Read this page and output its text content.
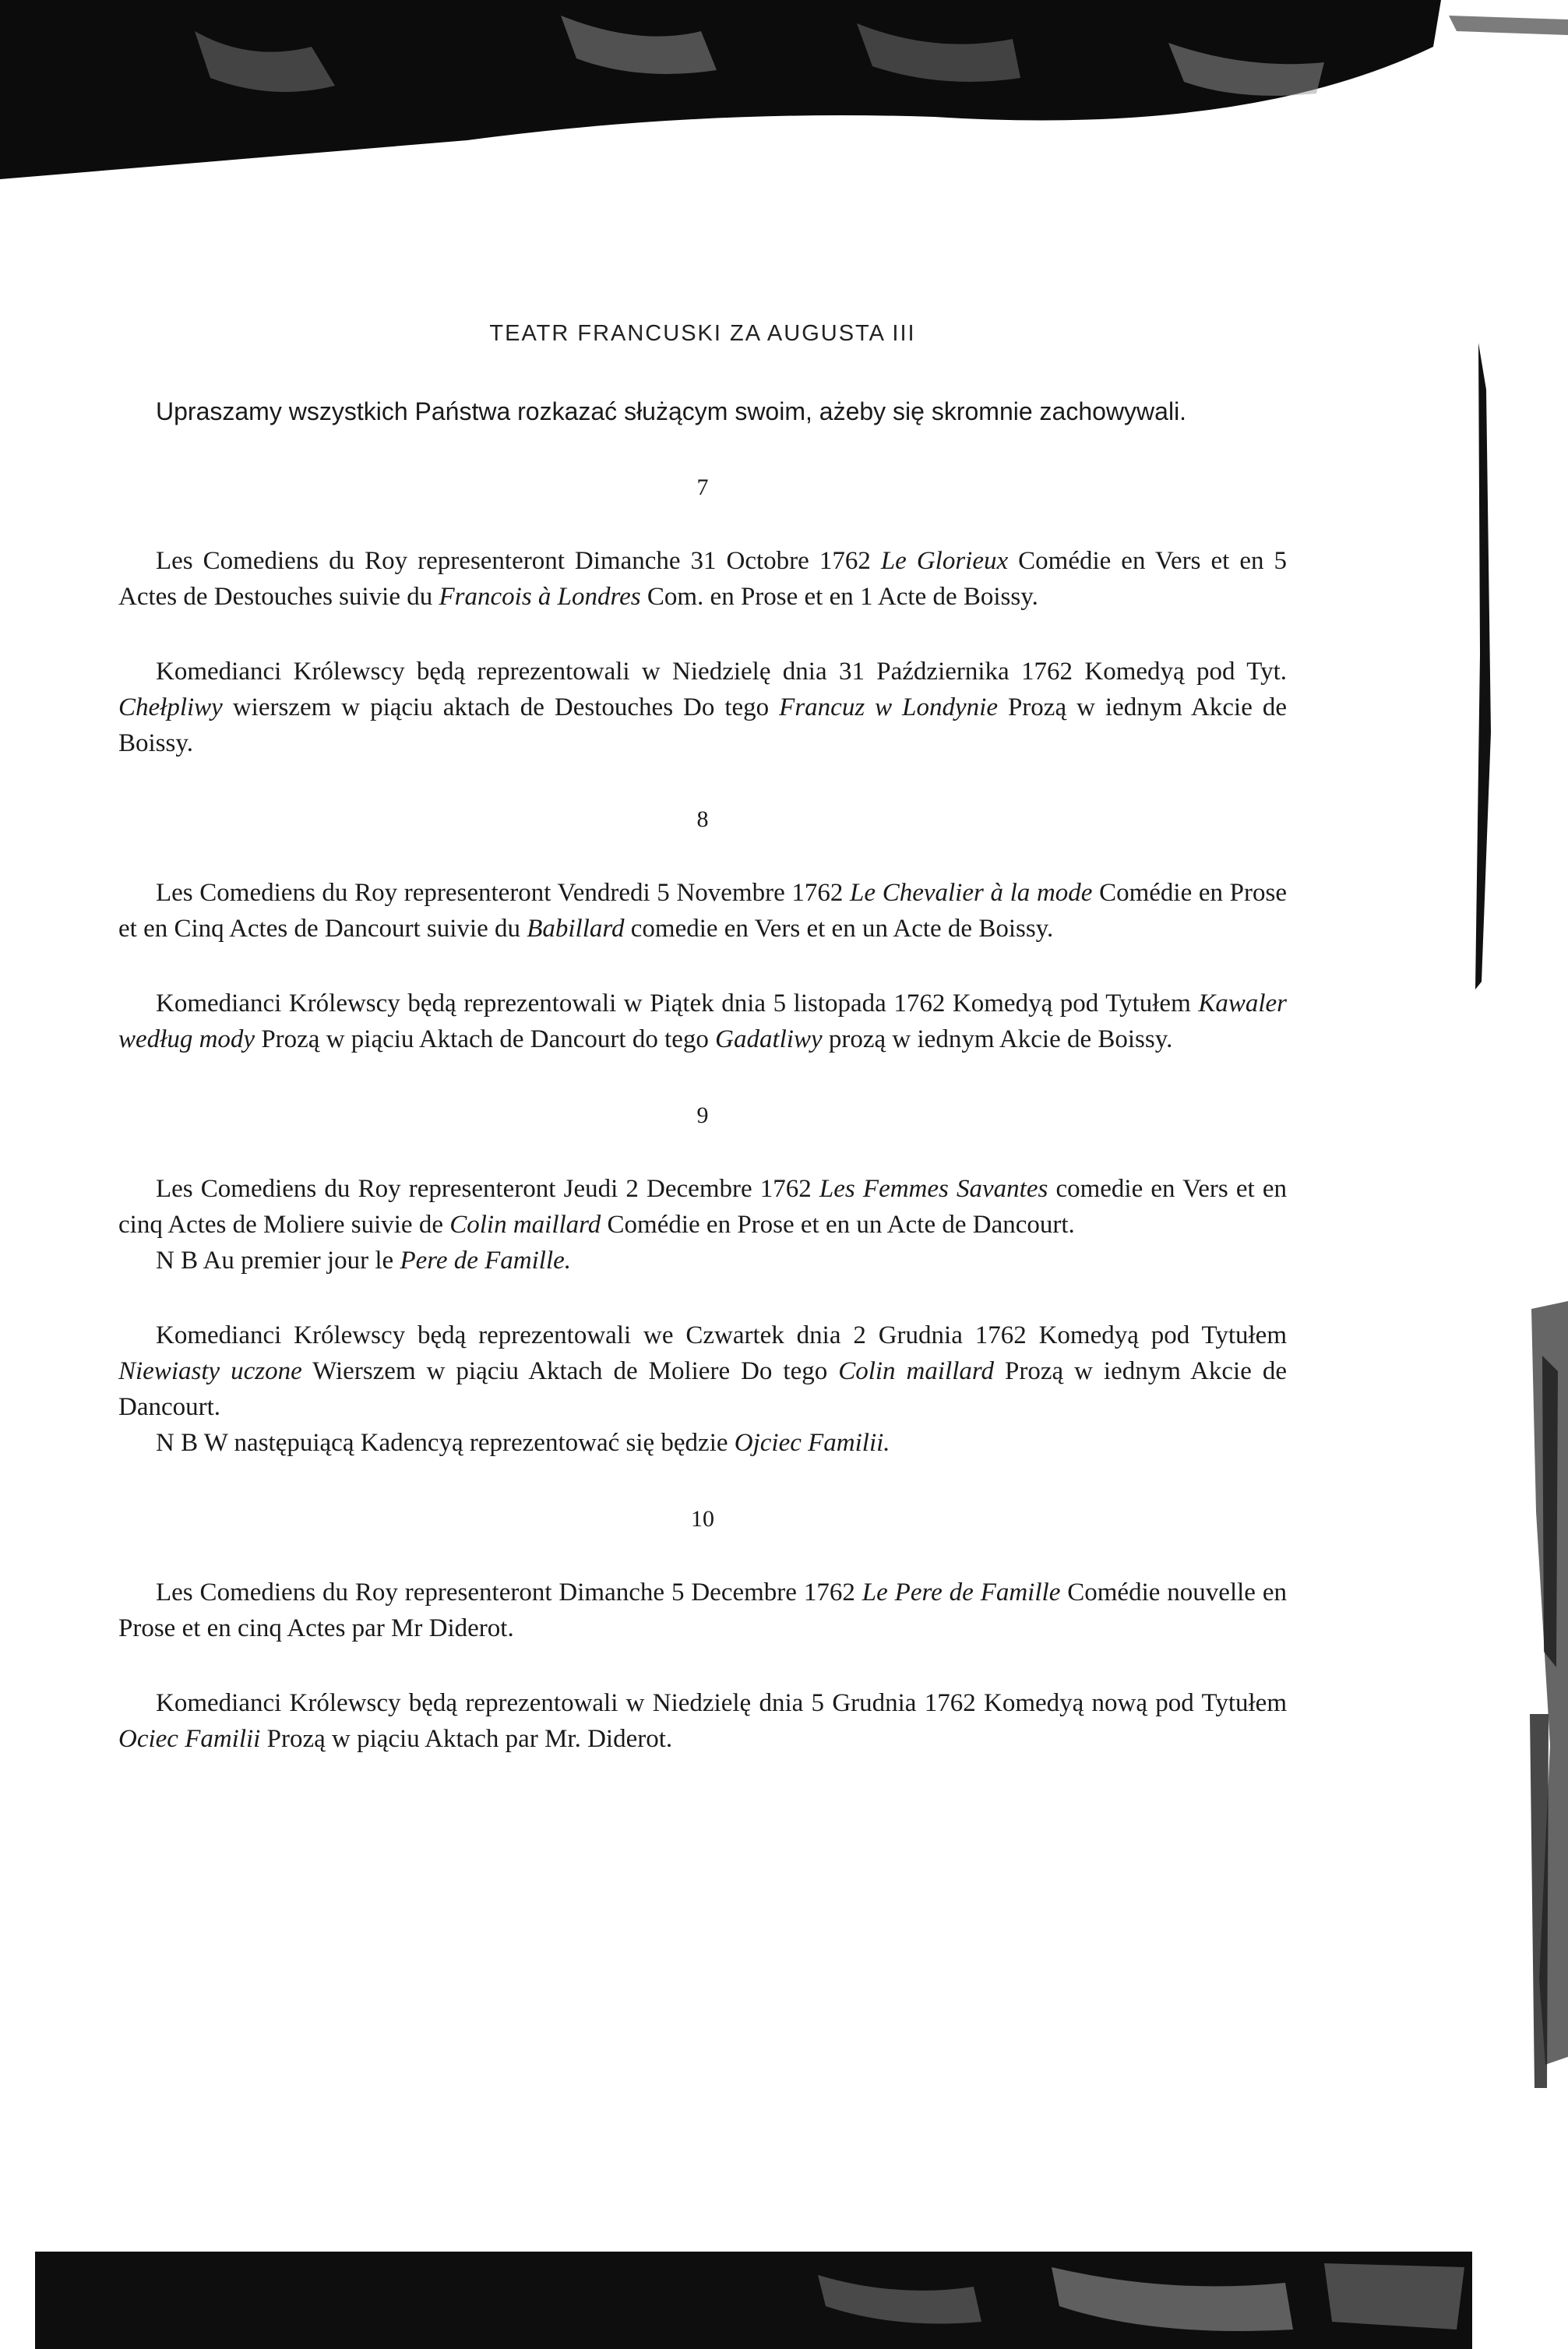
TEATR FRANCUSKI ZA AUGUSTA III

Upraszamy wszystkich Państwa rozkazać służącym swoim, ażeby się skromnie zachowywali.

7

Les Comediens du Roy representeront Dimanche 31 Octobre 1762 Le Glorieux Comédie en Vers et en 5 Actes de Destouches suivie du Francois à Londres Com. en Prose et en 1 Acte de Boissy.

Komedianci Królewscy będą reprezentowali w Niedzielę dnia 31 Października 1762 Komedyą pod Tyt. Chełpliwy wierszem w piąciu aktach de Destouches Do tego Francuz w Londynie Prozą w iednym Akcie de Boissy.

8

Les Comediens du Roy representeront Vendredi 5 Novembre 1762 Le Chevalier à la mode Comédie en Prose et en Cinq Actes de Dancourt suivie du Babillard comedie en Vers et en un Acte de Boissy.

Komedianci Królewscy będą reprezentowali w Piątek dnia 5 listopada 1762 Komedyą pod Tytułem Kawaler według mody Prozą w piąciu Aktach de Dancourt do tego Gadatliwy prozą w iednym Akcie de Boissy.

9

Les Comediens du Roy representeront Jeudi 2 Decembre 1762 Les Femmes Savantes comedie en Vers et en cinq Actes de Moliere suivie de Colin maillard Comédie en Prose et en un Acte de Dancourt.

N B Au premier jour le Pere de Famille.

Komedianci Królewscy będą reprezentowali we Czwartek dnia 2 Grudnia 1762 Komedyą pod Tytułem Niewiasty uczone Wierszem w piąciu Aktach de Moliere Do tego Colin maillard Prozą w iednym Akcie de Dancourt.

N B W następuiącą Kadencyą reprezentować się będzie Ojciec Familii.

10

Les Comediens du Roy representeront Dimanche 5 Decembre 1762 Le Pere de Famille Comédie nouvelle en Prose et en cinq Actes par Mr Diderot.

Komedianci Królewscy będą reprezentowali w Niedzielę dnia 5 Grudnia 1762 Komedyą nową pod Tytułem Ociec Familii Prozą w piąciu Aktach par Mr. Diderot.
